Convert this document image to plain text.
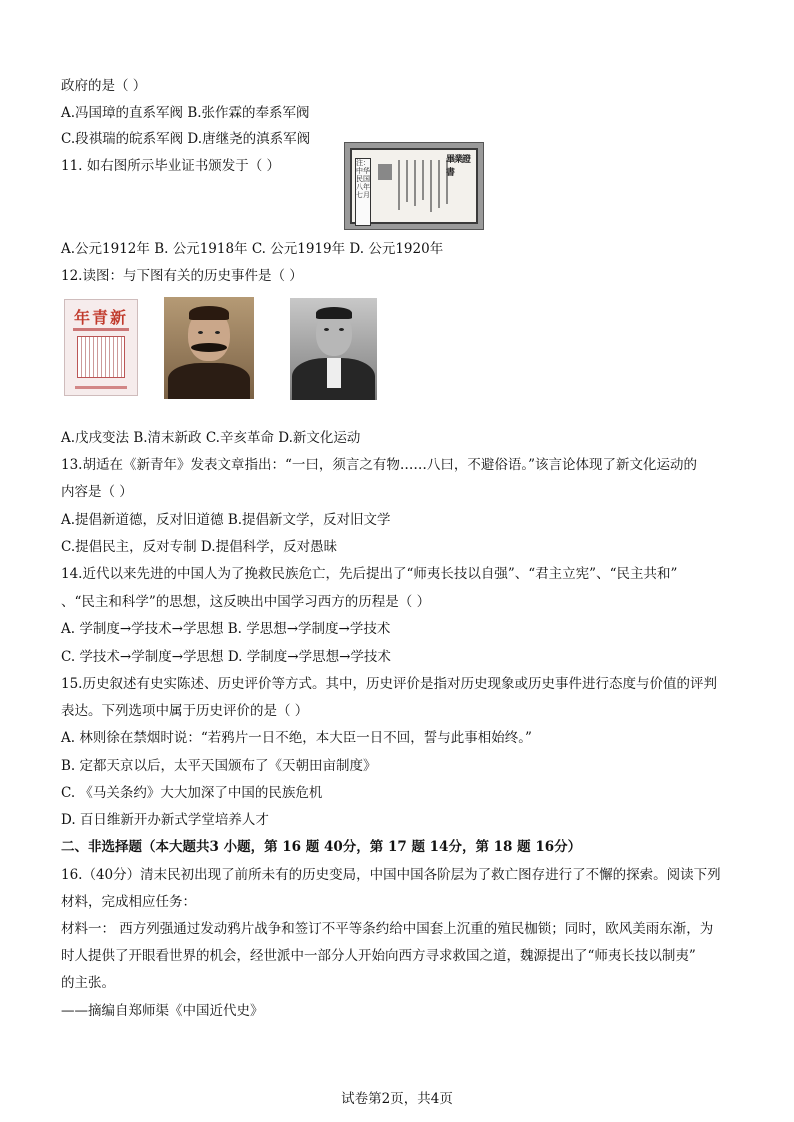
政府的是（ ）
A.冯国璋的直系军阀 B.张作霖的奉系军阀
C.段祺瑞的皖系军阀 D.唐继尧的滇系军阀
11. 如右图所示毕业证书颁发于（ ）	注：中华民国八年七月
畢業證書
A.公元1912年 B. 公元1918年 C. 公元1919年 D. 公元1920年
12.读图：与下图有关的历史事件是（ ）
年青新
A.戊戌变法 B.清末新政 C.辛亥革命 D.新文化运动
13.胡适在《新青年》发表文章指出：“一曰，须言之有物……八曰，不避俗语。”该言论体现了新文化运动的
内容是（ ）
A.提倡新道德，反对旧道德 B.提倡新文学，反对旧文学
C.提倡民主，反对专制 D.提倡科学，反对愚昧
14.近代以来先进的中国人为了挽救民族危亡，先后提出了“师夷长技以自强”、“君主立宪”、“民主共和”
、“民主和科学”的思想，这反映出中国学习西方的历程是（ ）
A. 学制度→学技术→学思想 B. 学思想→学制度→学技术
C. 学技术→学制度→学思想 D. 学制度→学思想→学技术
15.历史叙述有史实陈述、历史评价等方式。其中，历史评价是指对历史现象或历史事件进行态度与价值的评判
表达。下列选项中属于历史评价的是（ ）
A. 林则徐在禁烟时说：“若鸦片一日不绝，本大臣一日不回，誓与此事相始终。”
B. 定都天京以后，太平天国颁布了《天朝田亩制度》
C. 《马关条约》大大加深了中国的民族危机
D. 百日维新开办新式学堂培养人才
二、非选择题（本大题共3 小题，第 16 题 40分，第 17 题 14分，第 18 题 16分）
16.（40分）清末民初出现了前所未有的历史变局，中国中国各阶层为了救亡图存进行了不懈的探索。阅读下列
材料，完成相应任务：
材料一： 西方列强通过发动鸦片战争和签订不平等条约给中国套上沉重的殖民枷锁；同时，欧风美雨东渐，为
时人提供了开眼看世界的机会，经世派中一部分人开始向西方寻求救国之道，魏源提出了“师夷长技以制夷”
的主张。
——摘编自郑师渠《中国近代史》
试卷第2页，共4页
